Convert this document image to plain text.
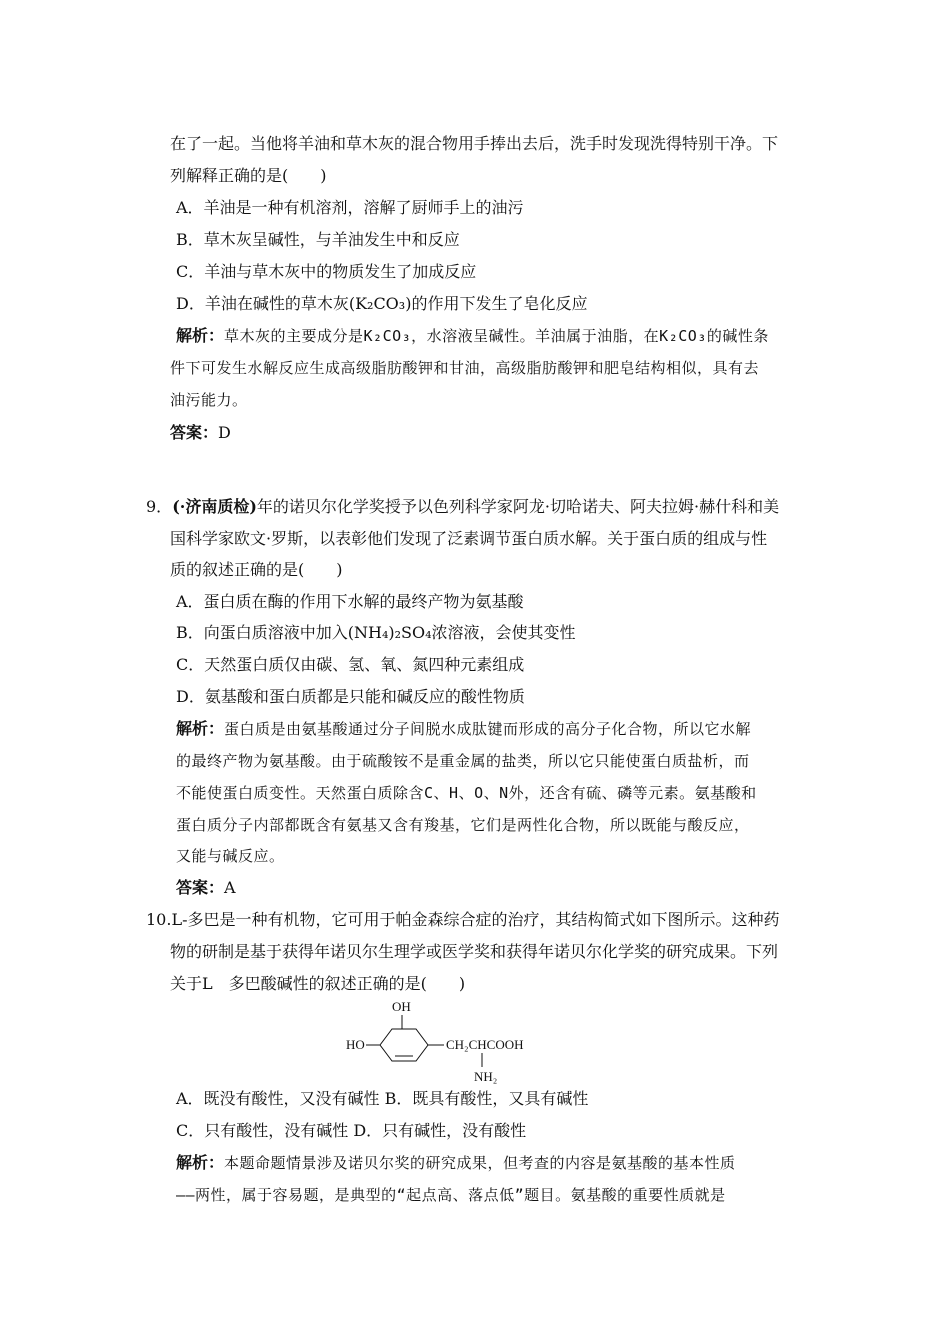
在了一起。当他将羊油和草木灰的混合物用手捧出去后，洗手时发现洗得特别干净。下
列解释正确的是(　　)
A．羊油是一种有机溶剂，溶解了厨师手上的油污
B．草木灰呈碱性，与羊油发生中和反应
C．羊油与草木灰中的物质发生了加成反应
D．羊油在碱性的草木灰(K₂CO₃)的作用下发生了皂化反应
解析：草木灰的主要成分是K₂CO₃，水溶液呈碱性。羊油属于油脂，在K₂CO₃的碱性条
件下可发生水解反应生成高级脂肪酸钾和甘油，高级脂肪酸钾和肥皂结构相似，具有去
油污能力。
答案：D
9．(·济南质检)年的诺贝尔化学奖授予以色列科学家阿龙·切哈诺夫、阿夫拉姆·赫什科和美
国科学家欧文·罗斯，以表彰他们发现了泛素调节蛋白质水解。关于蛋白质的组成与性
质的叙述正确的是(　　)
A．蛋白质在酶的作用下水解的最终产物为氨基酸
B．向蛋白质溶液中加入(NH₄)₂SO₄浓溶液，会使其变性
C．天然蛋白质仅由碳、氢、氧、氮四种元素组成
D．氨基酸和蛋白质都是只能和碱反应的酸性物质
解析：蛋白质是由氨基酸通过分子间脱水成肽键而形成的高分子化合物，所以它水解
的最终产物为氨基酸。由于硫酸铵不是重金属的盐类，所以它只能使蛋白质盐析，而
不能使蛋白质变性。天然蛋白质除含C、H、O、N外，还含有硫、磷等元素。氨基酸和
蛋白质分子内部都既含有氨基又含有羧基，它们是两性化合物，所以既能与酸反应，
又能与碱反应。
答案：A
10.L-多巴是一种有机物，它可用于帕金森综合症的治疗，其结构简式如下图所示。这种药
物的研制是基于获得年诺贝尔生理学或医学奖和获得年诺贝尔化学奖的研究成果。下列
关于L　多巴酸碱性的叙述正确的是(　　)
OH
HO	CH₂CHCOOH
NH₂
A．既没有酸性，又没有碱性 B．既具有酸性，又具有碱性
C．只有酸性，没有碱性 D．只有碱性，没有酸性
解析：本题命题情景涉及诺贝尔奖的研究成果，但考查的内容是氨基酸的基本性质
——两性，属于容易题，是典型的“起点高、落点低”题目。氨基酸的重要性质就是
